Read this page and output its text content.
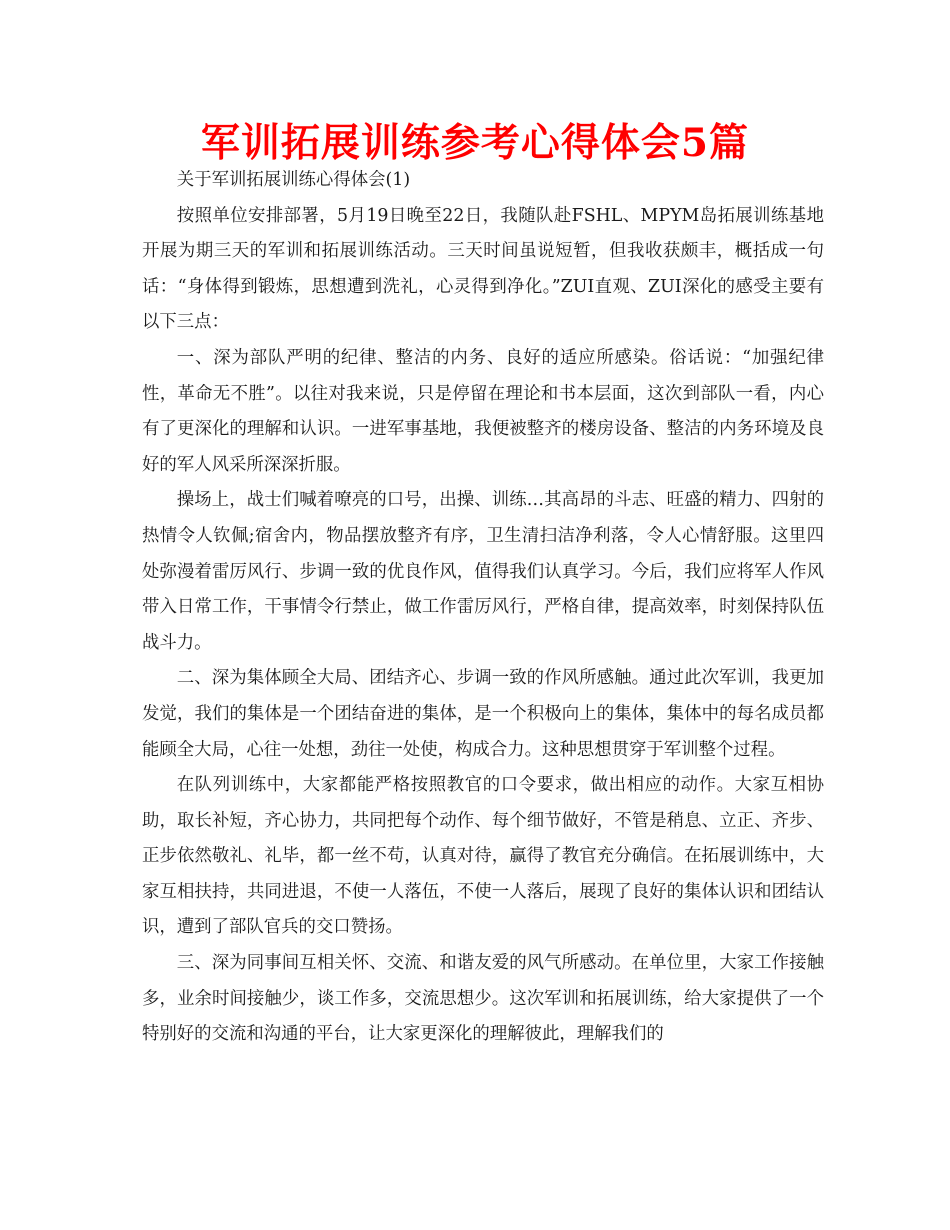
军训拓展训练参考心得体会5篇

关于军训拓展训练心得体会(1)

按照单位安排部署，5月19日晚至22日，我随队赴FSHL、MPYM岛拓展训练基地开展为期三天的军训和拓展训练活动。三天时间虽说短暂，但我收获颇丰，概括成一句话：“身体得到锻炼，思想遭到洗礼，心灵得到净化。”ZUI直观、ZUI深化的感受主要有以下三点：

一、深为部队严明的纪律、整洁的内务、良好的适应所感染。俗话说：“加强纪律性，革命无不胜”。以往对我来说，只是停留在理论和书本层面，这次到部队一看，内心有了更深化的理解和认识。一进军事基地，我便被整齐的楼房设备、整洁的内务环境及良好的军人风采所深深折服。

操场上，战士们喊着嘹亮的口号，出操、训练…其高昂的斗志、旺盛的精力、四射的热情令人钦佩;宿舍内，物品摆放整齐有序，卫生清扫洁净利落，令人心情舒服。这里四处弥漫着雷厉风行、步调一致的优良作风，值得我们认真学习。今后，我们应将军人作风带入日常工作，干事情令行禁止，做工作雷厉风行，严格自律，提高效率，时刻保持队伍战斗力。

二、深为集体顾全大局、团结齐心、步调一致的作风所感触。通过此次军训，我更加发觉，我们的集体是一个团结奋进的集体，是一个积极向上的集体，集体中的每名成员都能顾全大局，心往一处想，劲往一处使，构成合力。这种思想贯穿于军训整个过程。

在队列训练中，大家都能严格按照教官的口令要求，做出相应的动作。大家互相协助，取长补短，齐心协力，共同把每个动作、每个细节做好，不管是稍息、立正、齐步、正步依然敬礼、礼毕，都一丝不苟，认真对待，赢得了教官充分确信。在拓展训练中，大家互相扶持，共同进退，不使一人落伍，不使一人落后，展现了良好的集体认识和团结认识，遭到了部队官兵的交口赞扬。

三、深为同事间互相关怀、交流、和谐友爱的风气所感动。在单位里，大家工作接触多，业余时间接触少，谈工作多，交流思想少。这次军训和拓展训练，给大家提供了一个特别好的交流和沟通的平台，让大家更深化的理解彼此，理解我们的
